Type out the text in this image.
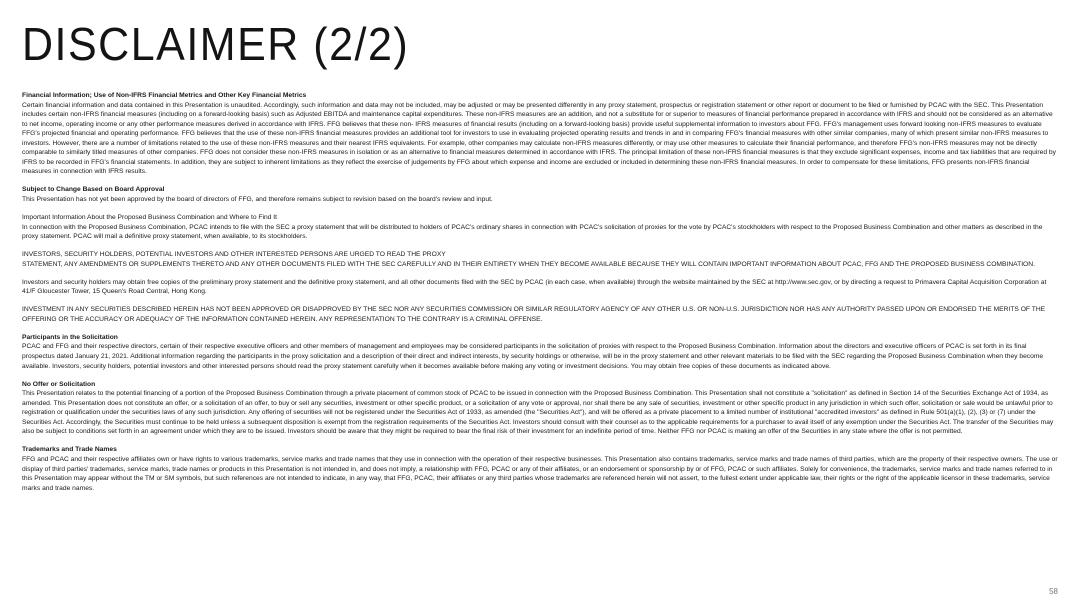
DISCLAIMER (2/2)
Financial Information; Use of Non-IFRS Financial Metrics and Other Key Financial Metrics
Certain financial information and data contained in this Presentation is unaudited. Accordingly, such information and data may not be included, may be adjusted or may be presented differently in any proxy statement, prospectus or registration statement or other report or document to be filed or furnished by PCAC with the SEC. This Presentation includes certain non-IFRS financial measures (including on a forward-looking basis) such as Adjusted EBITDA and maintenance capital expenditures. These non-IFRS measures are an addition, and not a substitute for or superior to measures of financial performance prepared in accordance with IFRS and should not be considered as an alternative to net income, operating income or any other performance measures derived in accordance with IFRS. FFG believes that these non- IFRS measures of financial results (including on a forward-looking basis) provide useful supplemental information to investors about FFG. FFG's management uses forward looking non-IFRS measures to evaluate FFG's projected financial and operating performance. FFG believes that the use of these non-IFRS financial measures provides an additional tool for investors to use in evaluating projected operating results and trends in and in comparing FFG's financial measures with other similar companies, many of which present similar non-IFRS measures to investors. However, there are a number of limitations related to the use of these non-IFRS measures and their nearest IFRS equivalents. For example, other companies may calculate non-IFRS measures differently, or may use other measures to calculate their financial performance, and therefore FFG's non-IFRS measures may not be directly comparable to similarly titled measures of other companies. FFG does not consider these non-IFRS measures in isolation or as an alternative to financial measures determined in accordance with IFRS. The principal limitation of these non-IFRS financial measures is that they exclude significant expenses, income and tax liabilities that are required by IFRS to be recorded in FFG's financial statements. In addition, they are subject to inherent limitations as they reflect the exercise of judgements by FFG about which expense and income are excluded or included in determining these non-IFRS financial measures. In order to compensate for these limitations, FFG presents non-IFRS financial measures in connection with IFRS results.
Subject to Change Based on Board Approval
This Presentation has not yet been approved by the board of directors of FFG, and therefore remains subject to revision based on the board's review and input.
Important Information About the Proposed Business Combination and Where to Find It
In connection with the Proposed Business Combination, PCAC intends to file with the SEC a proxy statement that will be distributed to holders of PCAC's ordinary shares in connection with PCAC's solicitation of proxies for the vote by PCAC's stockholders with respect to the Proposed Business Combination and other matters as described in the proxy statement. PCAC will mail a definitive proxy statement, when available, to its stockholders.
INVESTORS, SECURITY HOLDERS, POTENTIAL INVESTORS AND OTHER INTERESTED PERSONS ARE URGED TO READ THE PROXY
STATEMENT, ANY AMENDMENTS OR SUPPLEMENTS THERETO AND ANY OTHER DOCUMENTS FILED WITH THE SEC CAREFULLY AND IN THEIR ENTIRETY WHEN THEY BECOME AVAILABLE BECAUSE THEY WILL CONTAIN IMPORTANT INFORMATION ABOUT PCAC, FFG AND THE PROPOSED BUSINESS COMBINATION.
Investors and security holders may obtain free copies of the preliminary proxy statement and the definitive proxy statement, and all other documents filed with the SEC by PCAC (in each case, when available) through the website maintained by the SEC at http://www.sec.gov, or by directing a request to Primavera Capital Acquisition Corporation at 41/F Gloucester Tower, 15 Queen's Road Central, Hong Kong.
INVESTMENT IN ANY SECURITIES DESCRIBED HEREIN HAS NOT BEEN APPROVED OR DISAPPROVED BY THE SEC NOR ANY SECURITIES COMMISSION OR SIMILAR REGULATORY AGENCY OF ANY OTHER U.S. OR NON-U.S. JURISDICTION NOR HAS ANY AUTHORITY PASSED UPON OR ENDORSED THE MERITS OF THE OFFERING OR THE ACCURACY OR ADEQUACY OF THE INFORMATION CONTAINED HEREIN. ANY REPRESENTATION TO THE CONTRARY IS A CRIMINAL OFFENSE.
Participants in the Solicitation
PCAC and FFG and their respective directors, certain of their respective executive officers and other members of management and employees may be considered participants in the solicitation of proxies with respect to the Proposed Business Combination. Information about the directors and executive officers of PCAC is set forth in its final prospectus dated January 21, 2021. Additional information regarding the participants in the proxy solicitation and a description of their direct and indirect interests, by security holdings or otherwise, will be in the proxy statement and other relevant materials to be filed with the SEC regarding the Proposed Business Combination when they become available. Investors, security holders, potential investors and other interested persons should read the proxy statement carefully when it becomes available before making any voting or investment decisions. You may obtain free copies of these documents as indicated above.
No Offer or Solicitation
This Presentation relates to the potential financing of a portion of the Proposed Business Combination through a private placement of common stock of PCAC to be issued in connection with the Proposed Business Combination. This Presentation shall not constitute a "solicitation" as defined in Section 14 of the Securities Exchange Act of 1934, as amended. This Presentation does not constitute an offer, or a solicitation of an offer, to buy or sell any securities, investment or other specific product, or a solicitation of any vote or approval, nor shall there be any sale of securities, investment or other specific product in any jurisdiction in which such offer, solicitation or sale would be unlawful prior to registration or qualification under the securities laws of any such jurisdiction. Any offering of securities will not be registered under the Securities Act of 1933, as amended (the "Securities Act"), and will be offered as a private placement to a limited number of institutional "accredited investors" as defined in Rule 501(a)(1), (2), (3) or (7) under the Securities Act. Accordingly, the Securities must continue to be held unless a subsequent disposition is exempt from the registration requirements of the Securities Act. Investors should consult with their counsel as to the applicable requirements for a purchaser to avail itself of any exemption under the Securities Act. The transfer of the Securities may also be subject to conditions set forth in an agreement under which they are to be issued. Investors should be aware that they might be required to bear the final risk of their investment for an indefinite period of time. Neither FFG nor PCAC is making an offer of the Securities in any state where the offer is not permitted.
Trademarks and Trade Names
FFG and PCAC and their respective affiliates own or have rights to various trademarks, service marks and trade names that they use in connection with the operation of their respective businesses. This Presentation also contains trademarks, service marks and trade names of third parties, which are the property of their respective owners. The use or display of third parties' trademarks, service marks, trade names or products in this Presentation is not intended in, and does not imply, a relationship with FFG, PCAC or any of their affiliates, or an endorsement or sponsorship by or of FFG, PCAC or such affiliates. Solely for convenience, the trademarks, service marks and trade names referred to in this Presentation may appear without the TM or SM symbols, but such references are not intended to indicate, in any way, that FFG, PCAC, their affiliates or any third parties whose trademarks are referenced herein will not assert, to the fullest extent under applicable law, their rights or the right of the applicable licensor in these trademarks, service marks and trade names.
58
